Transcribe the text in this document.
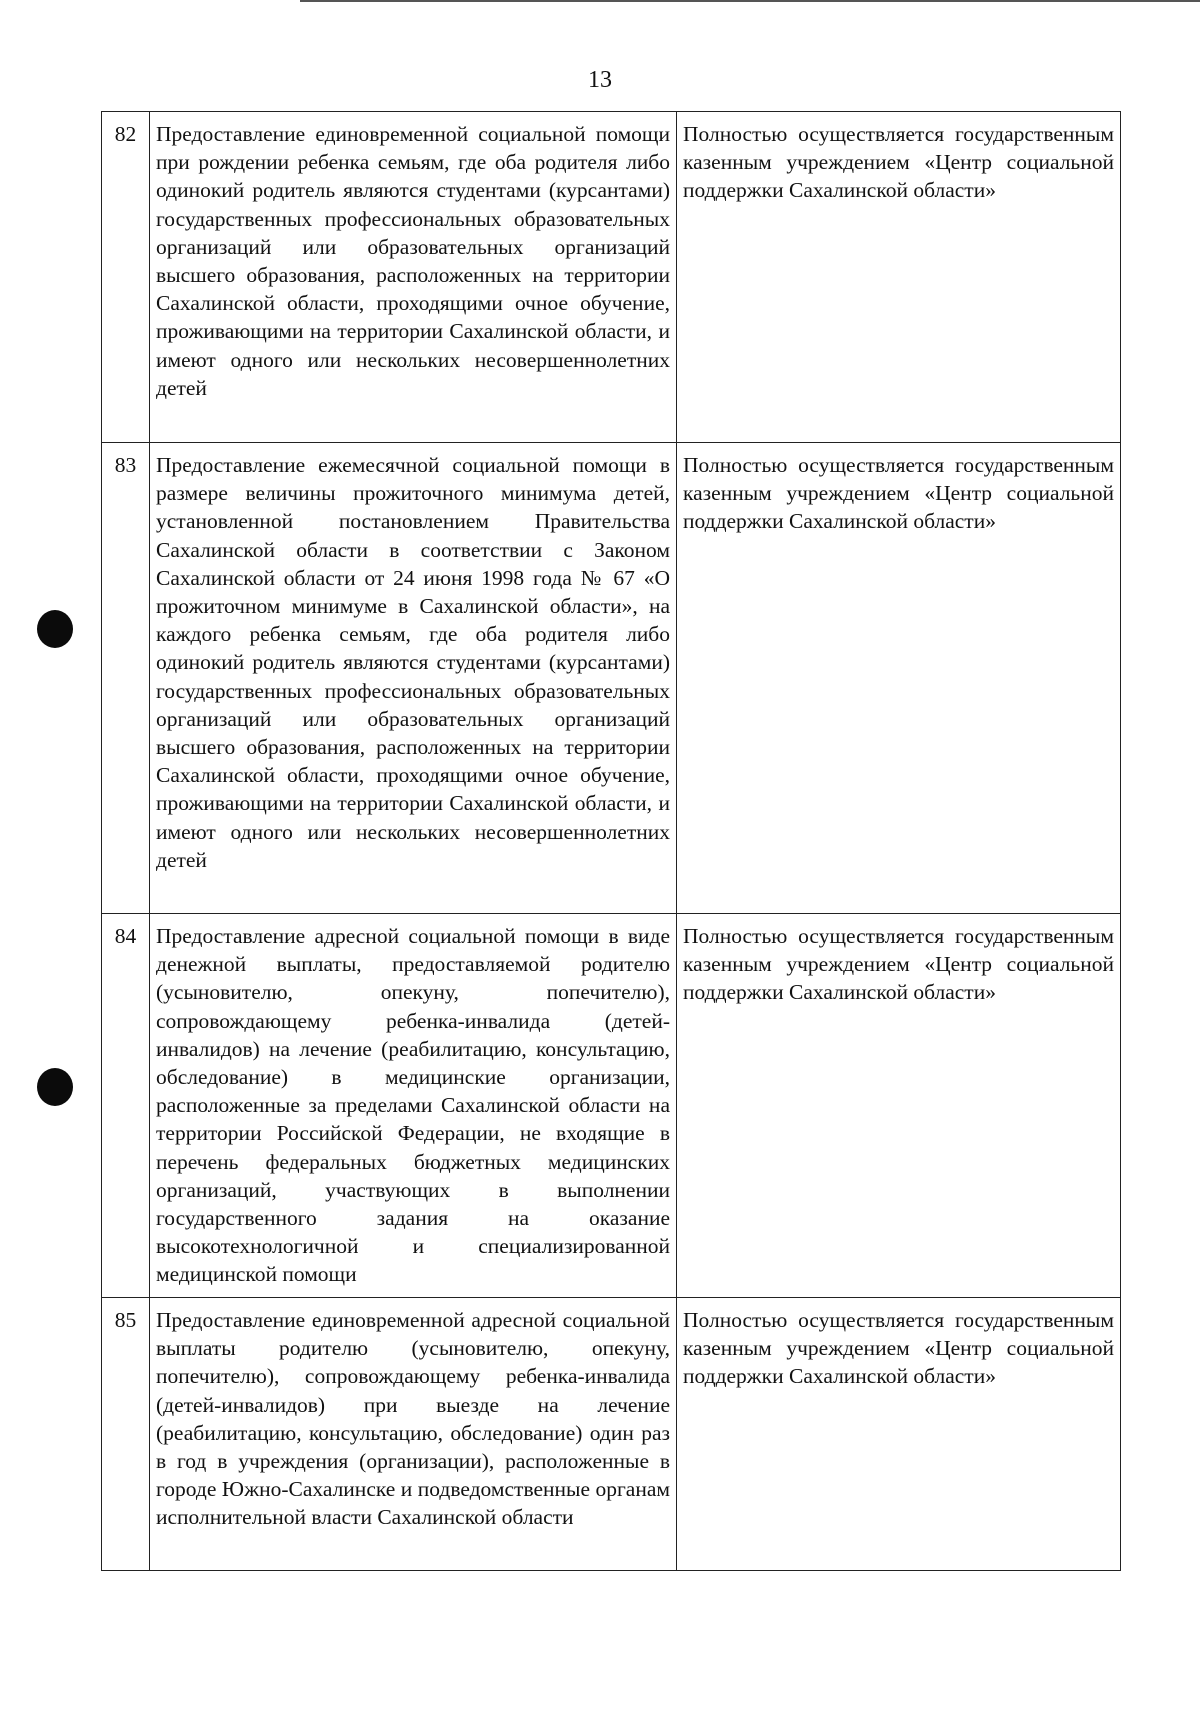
13
82	Предоставление единовременной социальной помощи при рождении ребенка семьям, где оба родителя либо одинокий родитель являются студентами (курсантами) государственных профессиональных образовательных организаций или образовательных организаций высшего образования, расположенных на территории Сахалинской области, проходящими очное обучение, проживающими на территории Сахалинской области, и имеют одного или нескольких несовершеннолетних детей	Полностью осуществляется государственным казенным учреждением «Центр социальной поддержки Сахалинской области»
83	Предоставление ежемесячной социальной помощи в размере величины прожиточного минимума детей, установленной постановлением Правительства Сахалинской области в соответствии с Законом Сахалинской области от 24 июня 1998 года № 67 «О прожиточном минимуме в Сахалинской области», на каждого ребенка семьям, где оба родителя либо одинокий родитель являются студентами (курсантами) государственных профессиональных образовательных организаций или образовательных организаций высшего образования, расположенных на территории Сахалинской области, проходящими очное обучение, проживающими на территории Сахалинской области, и имеют одного или нескольких несовершеннолетних детей	Полностью осуществляется государственным казенным учреждением «Центр социальной поддержки Сахалинской области»
84	Предоставление адресной социальной помощи в виде денежной выплаты, предоставляемой родителю (усыновителю, опекуну, попечителю), сопровождающему ребенка-инвалида (детей-инвалидов) на лечение (реабилитацию, консультацию, обследование) в медицинские организации, расположенные за пределами Сахалинской области на территории Российской Федерации, не входящие в перечень федеральных бюджетных медицинских организаций, участвующих в выполнении государственного задания на оказание высокотехнологичной и специализированной медицинской помощи	Полностью осуществляется государственным казенным учреждением «Центр социальной поддержки Сахалинской области»
85	Предоставление единовременной адресной социальной выплаты родителю (усыновителю, опекуну, попечителю), сопровождающему ребенка-инвалида (детей-инвалидов) при выезде на лечение (реабилитацию, консультацию, обследование) один раз в год в учреждения (организации), расположенные в городе Южно-Сахалинске и подведомственные органам исполнительной власти Сахалинской области	Полностью осуществляется государственным казенным учреждением «Центр социальной поддержки Сахалинской области»
